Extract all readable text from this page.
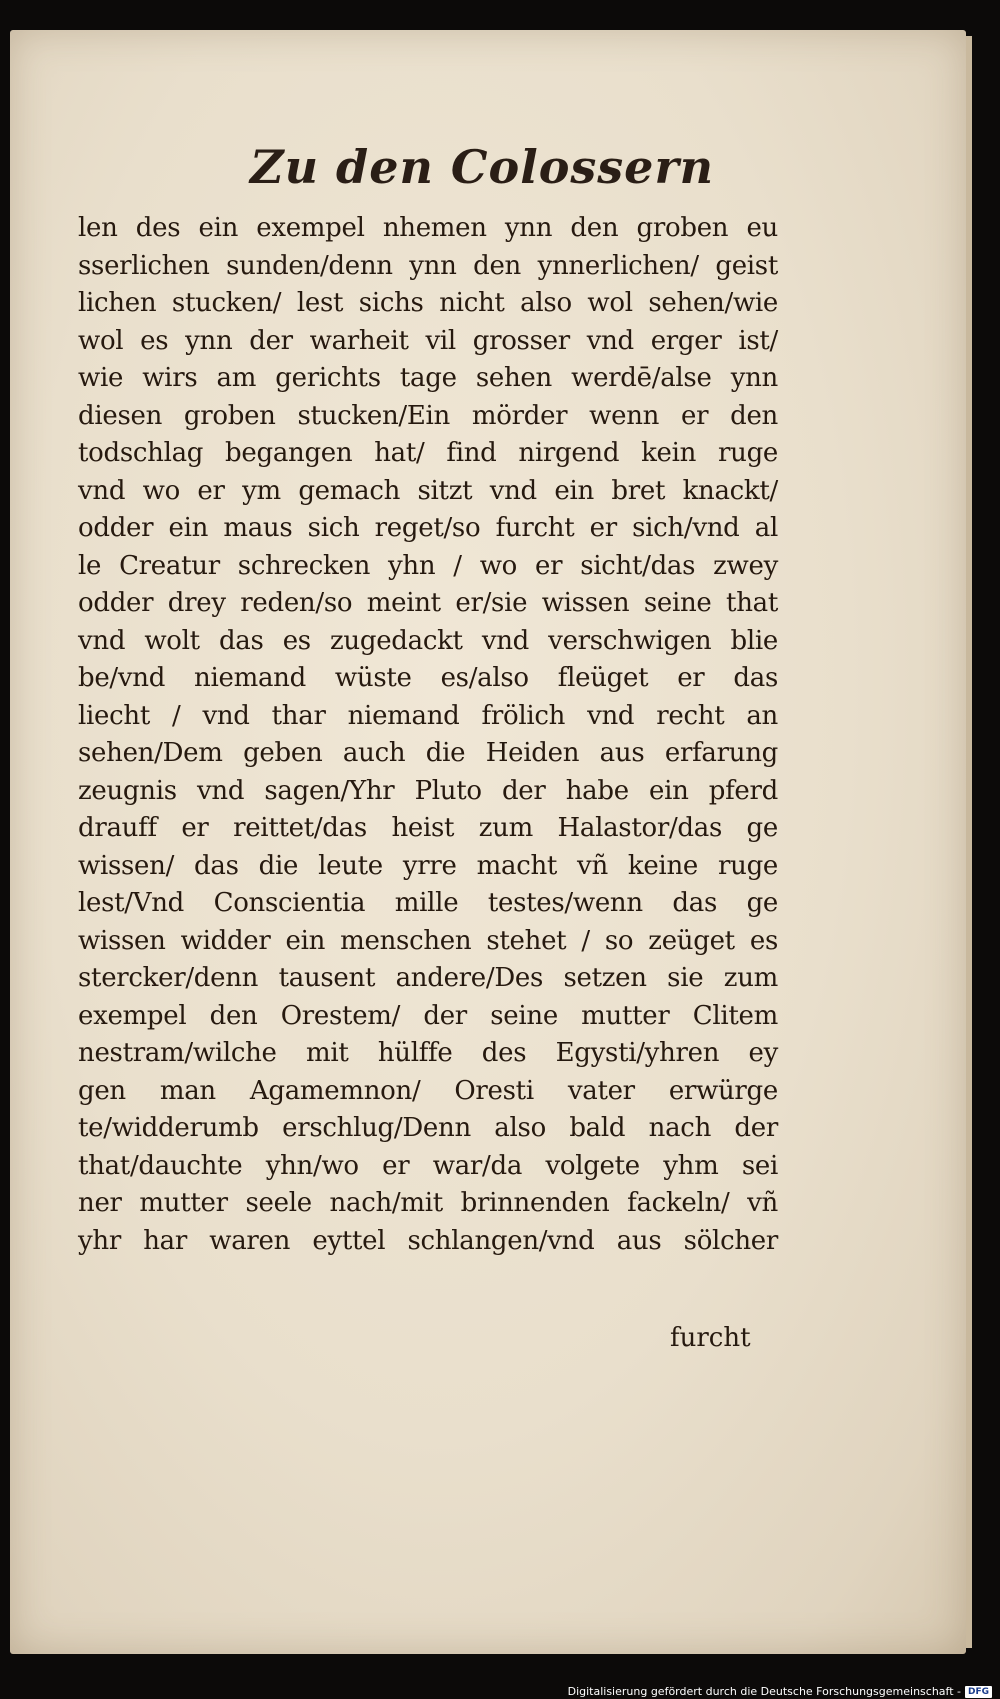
Zu den Colossern
len des ein exempel nhemen ynn den groben eu
sserlichen sunden/denn ynn den ynnerlichen/ geist
lichen stucken/ lest sichs nicht also wol sehen/wie
wol es ynn der warheit vil grosser vnd erger ist/
wie wirs am gerichts tage sehen werdē/alse ynn
diesen groben stucken/Ein mörder wenn er den
todschlag begangen hat/ find nirgend kein ruge
vnd wo er ym gemach sitzt vnd ein bret knackt/
odder ein maus sich reget/so furcht er sich/vnd al
le Creatur schrecken yhn / wo er sicht/das zwey
odder drey reden/so meint er/sie wissen seine that
vnd wolt das es zugedackt vnd verschwigen blie
be/vnd niemand wüste es/also fleüget er das
liecht / vnd thar niemand frölich vnd recht an
sehen/Dem geben auch die Heiden aus erfarung
zeugnis vnd sagen/Yhr Pluto der habe ein pferd
drauff er reittet/das heist zum Halastor/das ge
wissen/ das die leute yrre macht vñ keine ruge
lest/Vnd Conscientia mille testes/wenn das ge
wissen widder ein menschen stehet / so zeüget es
stercker/denn tausent andere/Des setzen sie zum
exempel den Orestem/ der seine mutter Clitem
nestram/wilche mit hülffe des Egysti/yhren ey
gen man Agamemnon/ Oresti vater erwürge
te/widderumb erschlug/Denn also bald nach der
that/dauchte yhn/wo er war/da volgete yhm sei
ner mutter seele nach/mit brinnenden fackeln/ vñ
yhr har waren eyttel schlangen/vnd aus sölcher
furcht
Digitalisierung gefördert durch die Deutsche Forschungsgemeinschaft - DFG
